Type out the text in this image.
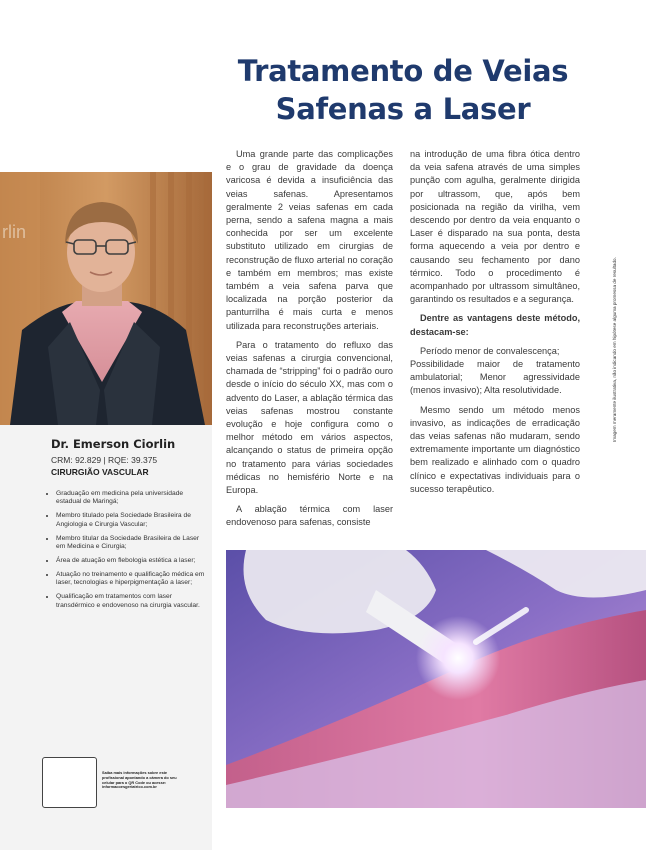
Tratamento de Veias
Safenas a Laser
rlin
Dr. Emerson Ciorlin
CRM: 92.829 | RQE: 39.375
CIRURGIÃO VASCULAR
• Graduação em medicina pela universidade estadual de Maringá;
• Membro titulado pela Sociedade Brasileira de Angiologia e Cirurgia Vascular;
• Membro titular da Sociedade Brasileira de Laser em Medicina e Cirurgia;
• Área de atuação em flebologia estética a laser;
• Atuação no treinamento e qualificação médica em laser, tecnologias e hiperpigmentação a laser;
• Qualificação em tratamentos com laser transdérmico e endovenoso na cirurgia vascular.
Saiba mais informações sobre este profissional apontando a câmera do seu celular para o QR Code ou acesse: informacoesgeriatrico.com.br

Uma grande parte das complicações e o grau de gravidade da doença varicosa é devida a insuficiência das veias safenas. Apresentamos geralmente 2 veias safenas em cada perna, sendo a safena magna a mais conhecida por ser um excelente substituto utilizado em cirurgias de reconstrução de fluxo arterial no coração e também em membros; mas existe também a veia safena parva que localizada na porção posterior da panturrilha é mais curta e menos utilizada para reconstruções arteriais.

Para o tratamento do refluxo das veias safenas a cirurgia convencional, chamada de “stripping” foi o padrão ouro desde o início do século XX, mas com o advento do Laser, a ablação térmica das veias safenas mostrou constante evolução e hoje configura como o melhor método em vários aspectos, alcançando o status de primeira opção no tratamento para várias sociedades médicas no hemisfério Norte e na Europa.

A ablação térmica com laser endovenoso para safenas, consiste

na introdução de uma fibra ótica dentro da veia safena através de uma simples punção com agulha, geralmente dirigida por ultrassom, que, após bem posicionada na região da virilha, vem descendo por dentro da veia enquanto o Laser é disparado na sua ponta, desta forma aquecendo a veia por dentro e causando seu fechamento por dano térmico. Todo o procedimento é acompanhado por ultrassom simultâneo, garantindo os resultados e a segurança.

Dentre as vantagens deste método, destacam-se:

Período menor de convalescença;

Possibilidade maior de tratamento ambulatorial; Menor agressividade (menos invasivo); Alta resolutividade.

Mesmo sendo um método menos invasivo, as indicações de erradicação das veias safenas não mudaram, sendo extremamente importante um diagnóstico bem realizado e alinhado com o quadro clínico e expectativas individuais para o sucesso terapêutico.

Imagem meramente ilustrativa, não indicando em hipótese alguma promessa de resultado.
